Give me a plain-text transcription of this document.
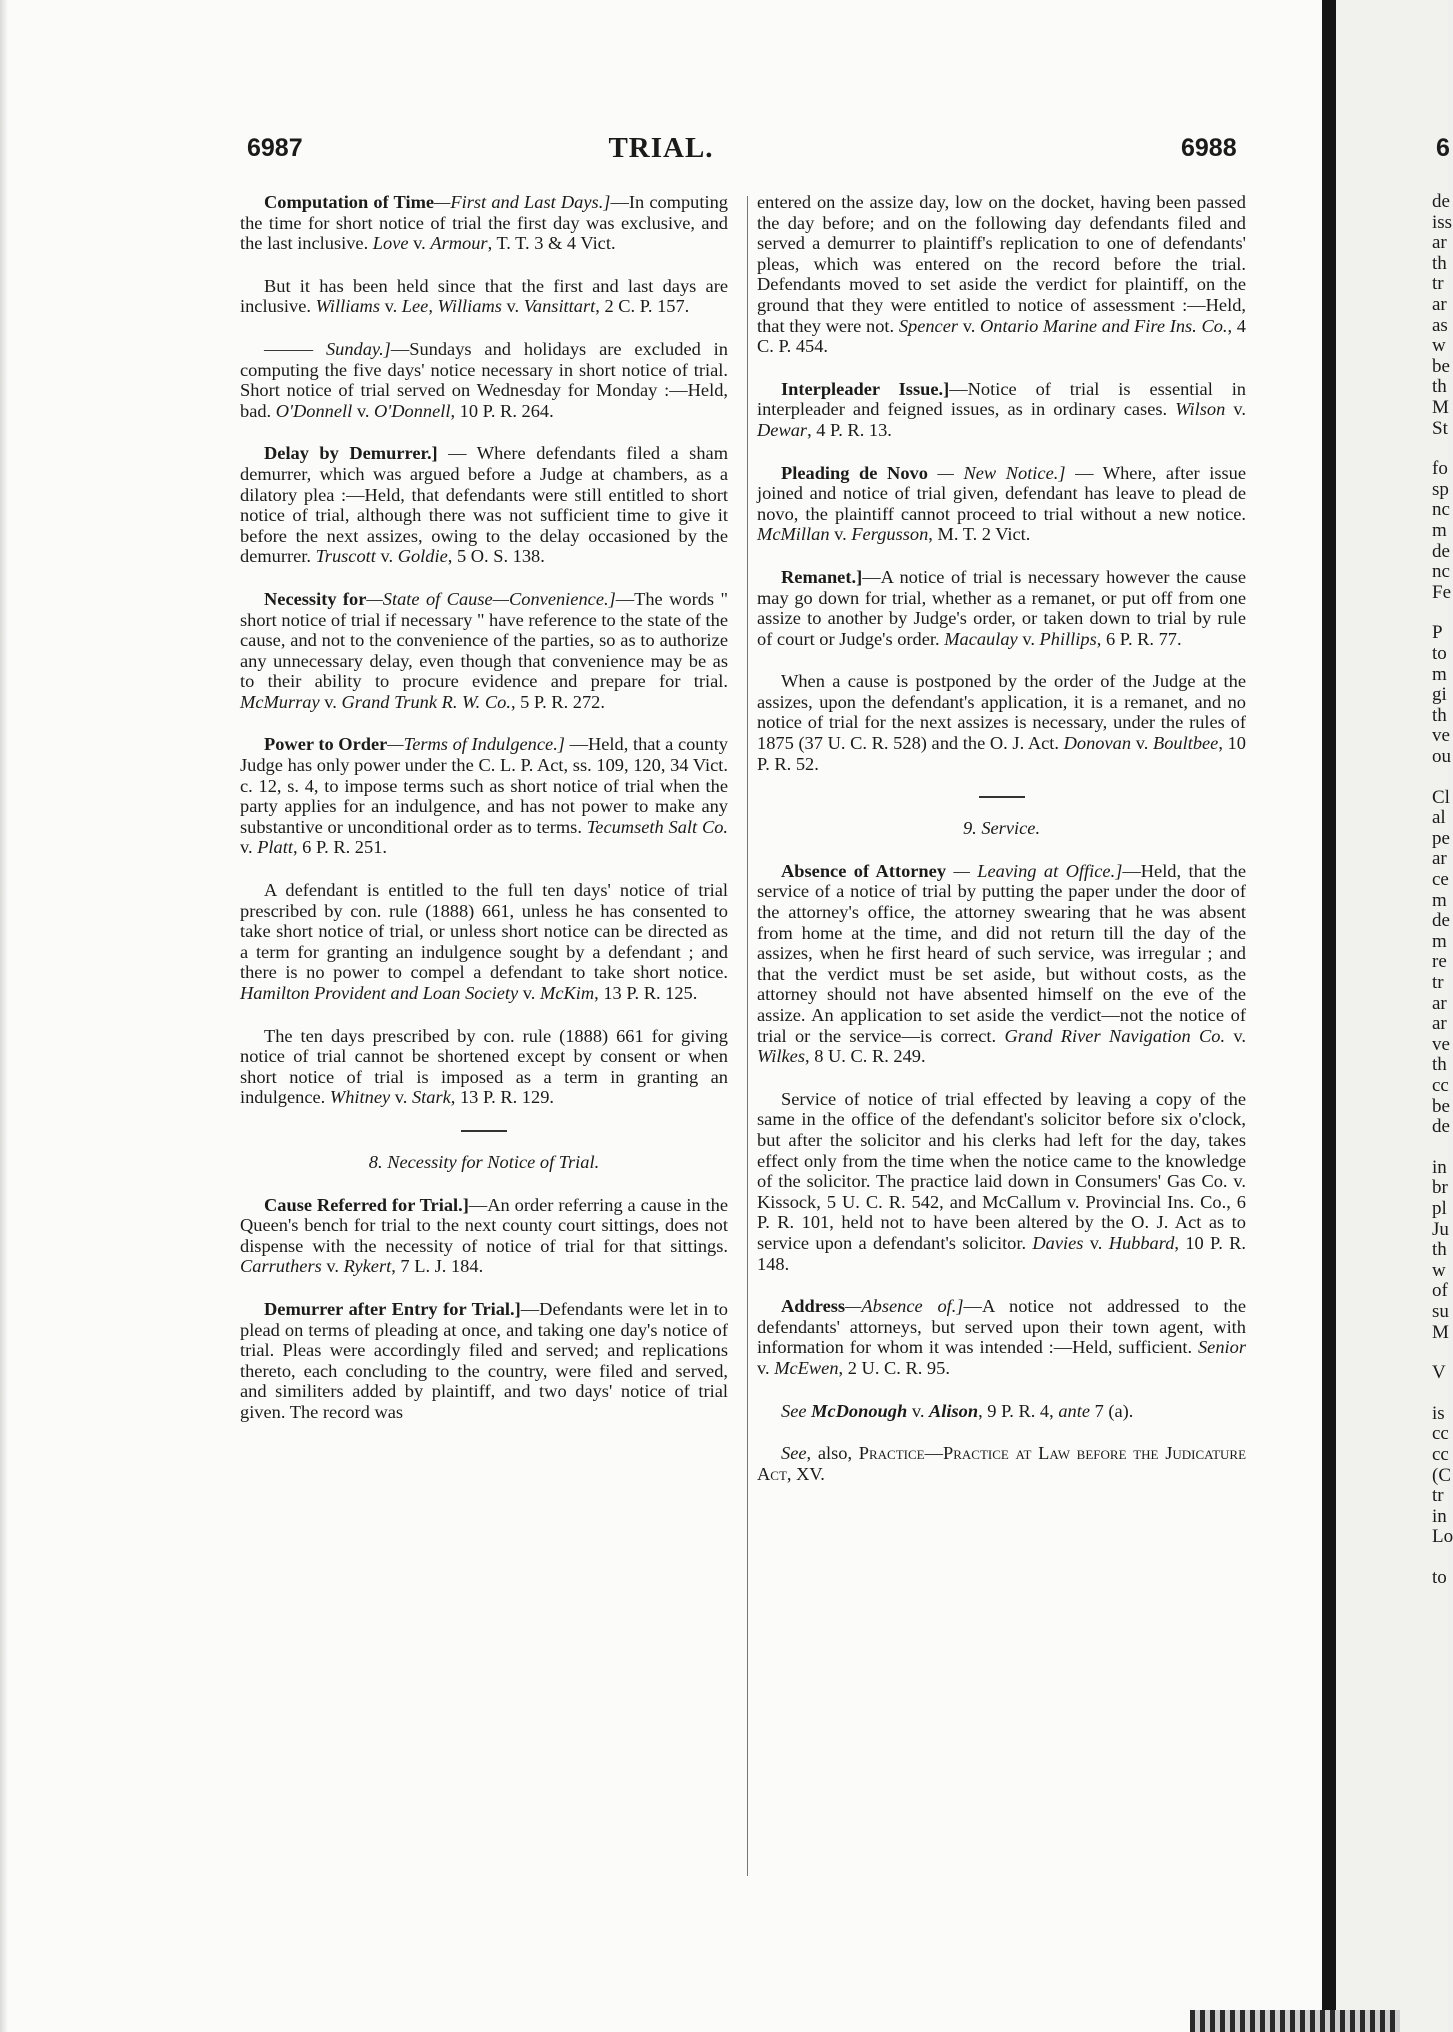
6987	TRIAL.	6988

Computation of Time—First and Last Days.]—In computing the time for short notice of trial the first day was exclusive, and the last inclusive. Love v. Armour, T. T. 3 & 4 Vict.

But it has been held since that the first and last days are inclusive. Williams v. Lee, Williams v. Vansittart, 2 C. P. 157.

——— Sunday.]—Sundays and holidays are excluded in computing the five days' notice necessary in short notice of trial. Short notice of trial served on Wednesday for Monday :—Held, bad. O'Donnell v. O'Donnell, 10 P. R. 264.

Delay by Demurrer.] — Where defendants filed a sham demurrer, which was argued before a Judge at chambers, as a dilatory plea :—Held, that defendants were still entitled to short notice of trial, although there was not sufficient time to give it before the next assizes, owing to the delay occasioned by the demurrer. Truscott v. Goldie, 5 O. S. 138.

Necessity for—State of Cause—Convenience.]—The words " short notice of trial if necessary " have reference to the state of the cause, and not to the convenience of the parties, so as to authorize any unnecessary delay, even though that convenience may be as to their ability to procure evidence and prepare for trial. McMurray v. Grand Trunk R. W. Co., 5 P. R. 272.

Power to Order—Terms of Indulgence.] —Held, that a county Judge has only power under the C. L. P. Act, ss. 109, 120, 34 Vict. c. 12, s. 4, to impose terms such as short notice of trial when the party applies for an indulgence, and has not power to make any substantive or unconditional order as to terms. Tecumseth Salt Co. v. Platt, 6 P. R. 251.

A defendant is entitled to the full ten days' notice of trial prescribed by con. rule (1888) 661, unless he has consented to take short notice of trial, or unless short notice can be directed as a term for granting an indulgence sought by a defendant ; and there is no power to compel a defendant to take short notice. Hamilton Provident and Loan Society v. McKim, 13 P. R. 125.

The ten days prescribed by con. rule (1888) 661 for giving notice of trial cannot be shortened except by consent or when short notice of trial is imposed as a term in granting an indulgence. Whitney v. Stark, 13 P. R. 129.

8. Necessity for Notice of Trial.

Cause Referred for Trial.]—An order referring a cause in the Queen's bench for trial to the next county court sittings, does not dispense with the necessity of notice of trial for that sittings. Carruthers v. Rykert, 7 L. J. 184.

Demurrer after Entry for Trial.]—Defendants were let in to plead on terms of pleading at once, and taking one day's notice of trial. Pleas were accordingly filed and served; and replications thereto, each concluding to the country, were filed and served, and similiters added by plaintiff, and two days' notice of trial given. The record was

entered on the assize day, low on the docket, having been passed the day before; and on the following day defendants filed and served a demurrer to plaintiff's replication to one of defendants' pleas, which was entered on the record before the trial. Defendants moved to set aside the verdict for plaintiff, on the ground that they were entitled to notice of assessment :—Held, that they were not. Spencer v. Ontario Marine and Fire Ins. Co., 4 C. P. 454.

Interpleader Issue.]—Notice of trial is essential in interpleader and feigned issues, as in ordinary cases. Wilson v. Dewar, 4 P. R. 13.

Pleading de Novo — New Notice.] — Where, after issue joined and notice of trial given, defendant has leave to plead de novo, the plaintiff cannot proceed to trial without a new notice. McMillan v. Fergusson, M. T. 2 Vict.

Remanet.]—A notice of trial is necessary however the cause may go down for trial, whether as a remanet, or put off from one assize to another by Judge's order, or taken down to trial by rule of court or Judge's order. Macaulay v. Phillips, 6 P. R. 77.

When a cause is postponed by the order of the Judge at the assizes, upon the defendant's application, it is a remanet, and no notice of trial for the next assizes is necessary, under the rules of 1875 (37 U. C. R. 528) and the O. J. Act. Donovan v. Boultbee, 10 P. R. 52.

9. Service.

Absence of Attorney — Leaving at Office.]—Held, that the service of a notice of trial by putting the paper under the door of the attorney's office, the attorney swearing that he was absent from home at the time, and did not return till the day of the assizes, when he first heard of such service, was irregular ; and that the verdict must be set aside, but without costs, as the attorney should not have absented himself on the eve of the assize. An application to set aside the verdict—not the notice of trial or the service—is correct. Grand River Navigation Co. v. Wilkes, 8 U. C. R. 249.

Service of notice of trial effected by leaving a copy of the same in the office of the defendant's solicitor before six o'clock, but after the solicitor and his clerks had left for the day, takes effect only from the time when the notice came to the knowledge of the solicitor. The practice laid down in Consumers' Gas Co. v. Kissock, 5 U. C. R. 542, and McCallum v. Provincial Ins. Co., 6 P. R. 101, held not to have been altered by the O. J. Act as to service upon a defendant's solicitor. Davies v. Hubbard, 10 P. R. 148.

Address—Absence of.]—A notice not addressed to the defendants' attorneys, but served upon their town agent, with information for whom it was intended :—Held, sufficient. Senior v. McEwen, 2 U. C. R. 95.

See McDonough v. Alison, 9 P. R. 4, ante 7 (a).

See, also, Practice—Practice at Law before the Judicature Act, XV.

6
de
iss
ar
th
tr
ar
as
w
be
th
M
St
fo
sp
nc
m
de
nc
Fe
P
to
m
gi
th
ve
ou
Cl
al
pe
ar
ce
m
de
m
re
tr
ar
ar
ve
th
cc
be
de
in
br
pl
Ju
th
w
of
su
M
V
is
cc
cc
(C
tr
in
Lo
to
